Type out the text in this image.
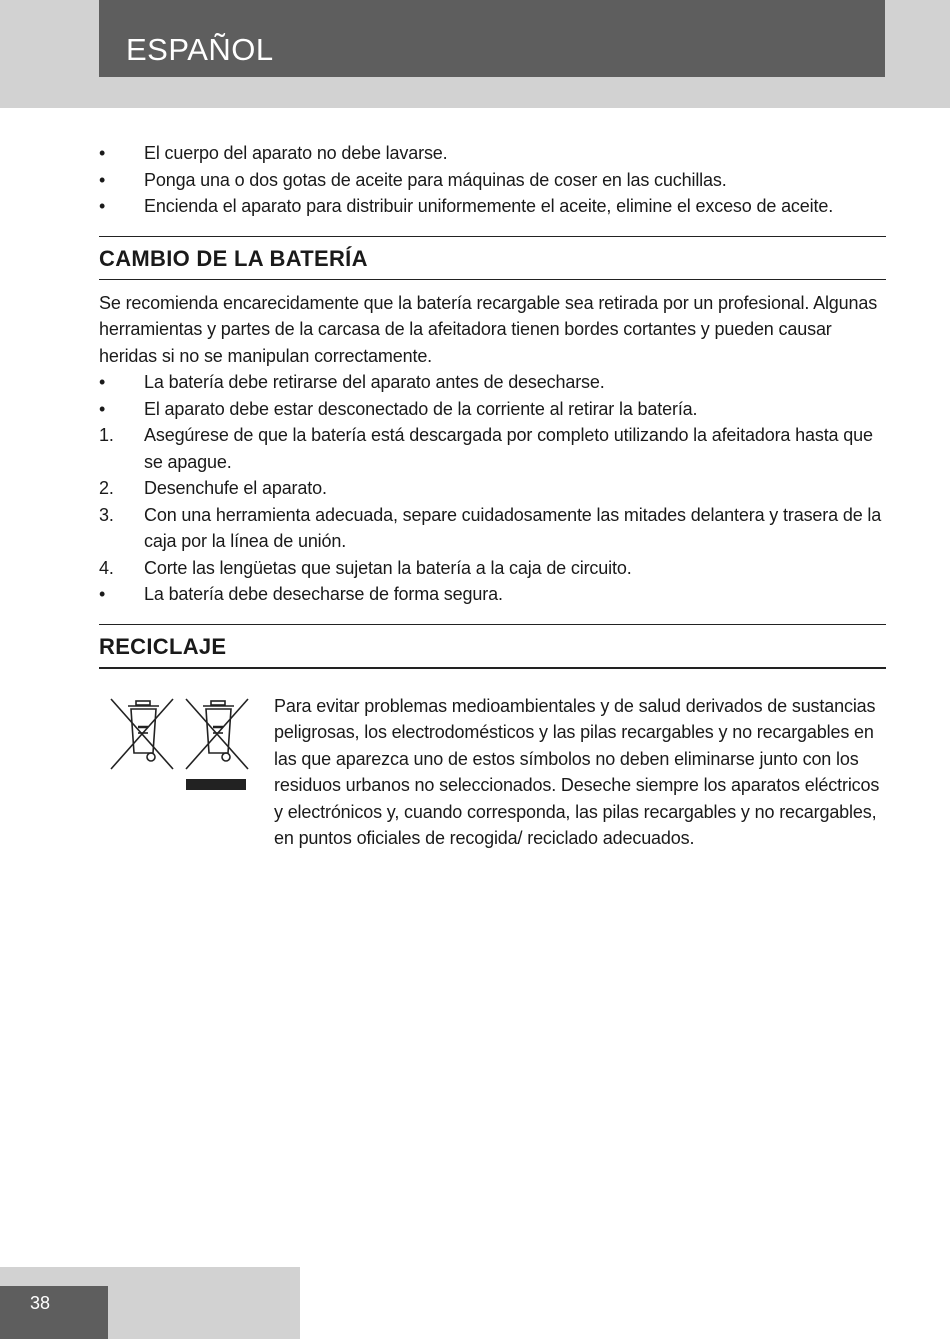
ESPAÑOL
• El cuerpo del aparato no debe lavarse.
• Ponga una o dos gotas de aceite para máquinas de coser en las cuchillas.
• Encienda el aparato para distribuir uniformemente el aceite, elimine el exceso de aceite.
CAMBIO DE LA BATERÍA

Se recomienda encarecidamente que la batería recargable sea retirada por un profesional. Algunas herramientas y partes de la carcasa de la afeitadora tienen bordes cortantes y pueden causar heridas si no se manipulan correctamente.

• La batería debe retirarse del aparato antes de desecharse.
• El aparato debe estar desconectado de la corriente al retirar la batería.
1. Asegúrese de que la batería está descargada por completo utilizando la afeitadora hasta que se apague.
2. Desenchufe el aparato.
3. Con una herramienta adecuada, separe cuidadosamente las mitades delantera y trasera de la caja por la línea de unión.
4. Corte las lengüetas que sujetan la batería a la caja de circuito.
• La batería debe desecharse de forma segura.
RECICLAJE

Para evitar problemas medioambientales y de salud derivados de sustancias peligrosas, los electrodomésticos y las pilas recargables y no recargables en las que aparezca uno de estos símbolos no deben eliminarse junto con los residuos urbanos no seleccionados. Deseche siempre los aparatos eléctricos y electrónicos y, cuando corresponda, las pilas recargables y no recargables, en puntos oficiales de recogida/ reciclado adecuados.

38
